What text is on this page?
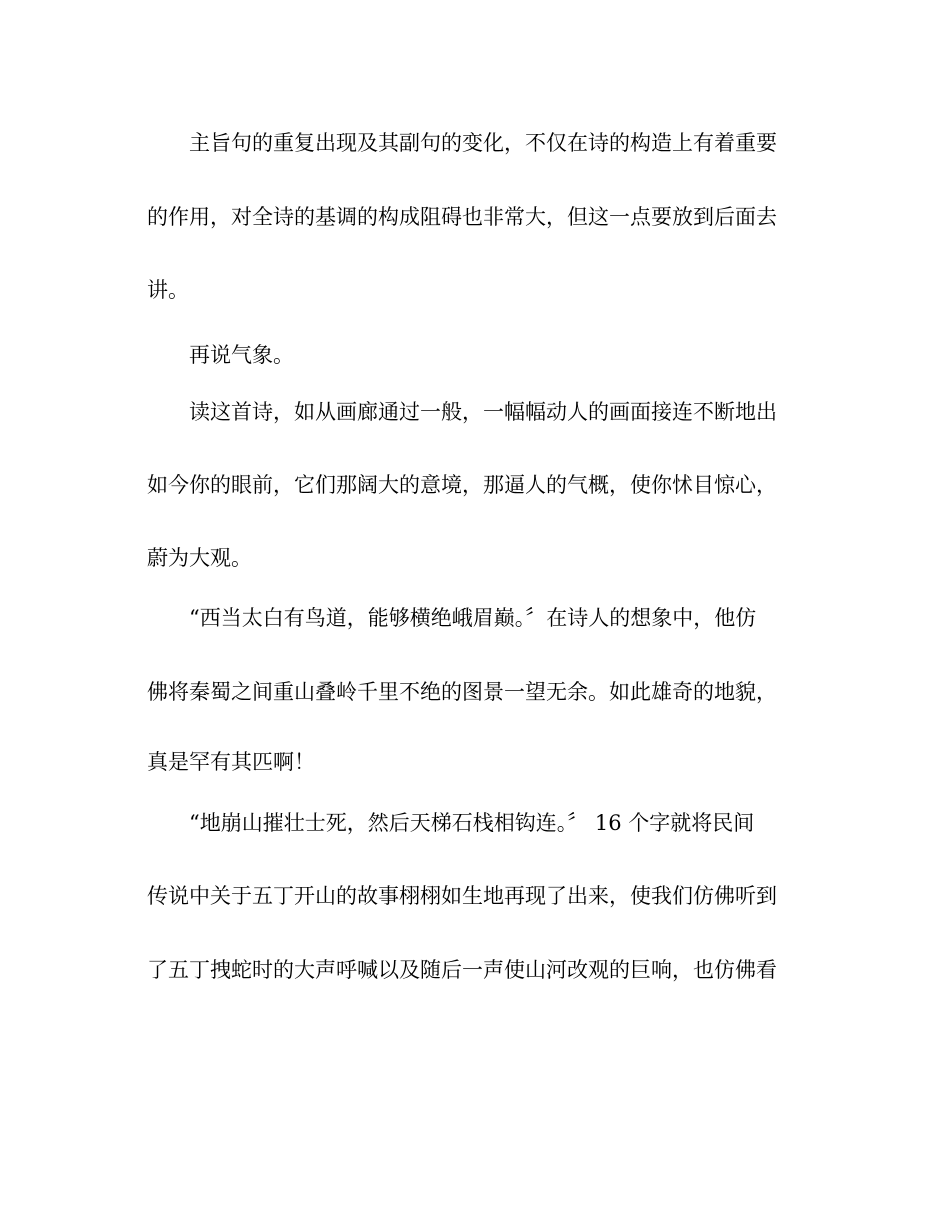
主旨句的重复出现及其副句的变化，不仅在诗的构造上有着重要
的作用，对全诗的基调的构成阻碍也非常大，但这一点要放到后面去
讲。
再说气象。
读这首诗，如从画廊通过一般，一幅幅动人的画面接连不断地出
如今你的眼前，它们那阔大的意境，那逼人的气概，使你怵目惊心，
蔚为大观。
“西当太白有鸟道，能够横绝峨眉巅。〞在诗人的想象中，他仿
佛将秦蜀之间重山叠岭千里不绝的图景一望无余。如此雄奇的地貌，
真是罕有其匹啊！
“地崩山摧壮士死，然后天梯石栈相钩连。〞 16 个字就将民间
传说中关于五丁开山的故事栩栩如生地再现了出来，使我们仿佛听到
了五丁拽蛇时的大声呼喊以及随后一声使山河改观的巨响，也仿佛看
